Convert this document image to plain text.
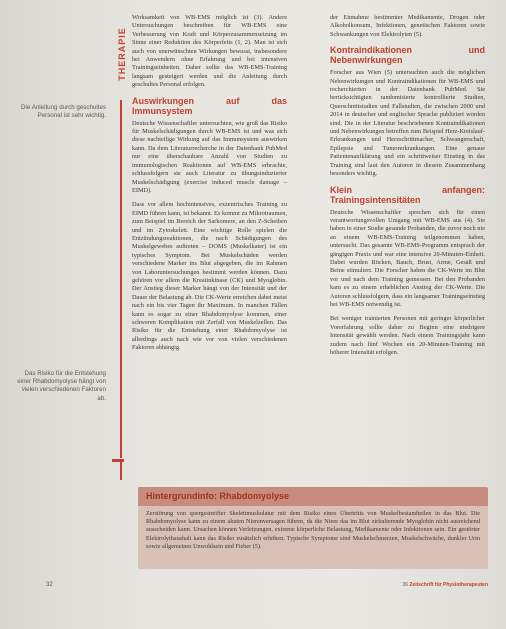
THERAPIE
Die Anleitung durch geschultes Personal ist sehr wichtig.
Das Risiko für die Entstehung einer Rhabdomyolyse hängt von vielen verschiedenen Faktoren ab.

Wirksamkeit von WB-EMS möglich ist (3). Andere Untersuchungen beschreiben für WB-EMS eine Verbesserung von Kraft und Körperzusammensetzung im Sinne einer Reduktion des Körperfetts (1, 2). Man ist sich auch von unerwünschten Wirkungen bewusst, insbesondere bei Anwendern ohne Erfahrung und bei intensiven Trainingseinheiten. Daher sollte das WB-EMS-Training langsam gesteigert werden und die Anleitung durch geschultes Personal erfolgen.

Auswirkungen auf das Immunsystem

Deutsche Wissenschaftler untersuchten, wie groß das Risiko für Muskelschädigungen durch WB-EMS ist und was sich diese nachteilige Wirkung auf das Immunsystem auswirken kann. Da dem Literaturrecherche in der Datenbank PubMed nur eine überschaubare Anzahl von Studien zu immunologischen Reaktionen auf WB-EMS erbrachte, schlussfolgern sie auch Literatur zu übungsinduzierter Muskelschädigung (exercise induced muscle damage – EIMD).

Dass vor allem hochintensives, exzentrisches Training zu EIMD führen kann, ist bekannt. Es kommt zu Mikrotraumen, zum Beispiel im Bereich der Sarkomere, an den Z-Scheiben und im Zytoskelett. Eine wichtige Rolle spielen die Entzündungsreaktionen, die nach Schädigungen des Muskelgewebes auftreten – DOMS (Muskelkater) ist ein typisches Symptom. Bei Muskelschäden werden verschiedene Marker ins Blut abgegeben, die im Rahmen von Laboruntersuchungen bestimmt werden können. Dazu gehören vor allem die Kreatinkinase (CK) und Myoglobin. Der Anstieg dieser Marker hängt von der Intensität und der Dauer der Belastung ab. Die CK-Werte erreichen dabei meist nach ein bis vier Tagen ihr Maximum. In manchen Fällen kann es sogar zu einer Rhabdomyolyse kommen, einer schweren Komplikation mit Zerfall von Muskelzellen. Das Risiko für die Entstehung einer Rhabdomyolyse ist allerdings auch nach wie vor von vielen verschiedenen Faktoren abhängig.

der Einnahme bestimmter Medikamente, Drogen oder Alkoholkonsum, Infektionen, genetischen Faktoren sowie Schwankungen von Elektrolyten (5).

Kontraindikationen und Nebenwirkungen

Forscher aus Wien (5) untersuchten auch die möglichen Nebenwirkungen und Kontraindikationen für WB-EMS und recherchierten in der Datenbank PubMed. Sie berücksichtigten randomisierte kontrollierte Studien, Querschnittstudien und Fallstudien, die zwischen 2000 und 2014 in deutscher und englischer Sprache publiziert worden sind. Die in der Literatur beschriebenen Kontraindikationen und Nebenwirkungen betreffen zum Beispiel Herz-Kreislauf-Erkrankungen und Herzschrittmacher, Schwangerschaft, Epilepsie und Tumorerkrankungen. Eine genaue Patientenaufklärung und ein schrittweiser Einstieg in das Training sind laut den Autoren in diesem Zusammenhang besonders wichtig.

Klein anfangen: Trainingsintensitäten

Deutsche Wissenschaftler sprechen sich für einen verantwortungsvollen Umgang mit WB-EMS aus (4). Sie haben in einer Studie gesunde Probanden, die zuvor noch nie an einem WB-EMS-Training teilgenommen haben, untersucht. Das gesamte WB-EMS-Programm entsprach der gängigen Praxis und war eine intensive 20-Minuten-Einheit. Dabei wurden Rücken, Bauch, Brust, Arme, Gesäß und Beine stimuliert. Die Forscher haben die CK-Werte im Blut vor und nach dem Training gemessen. Bei den Probanden kam es zu einem erheblichen Anstieg der CK-Werte. Die Autoren schlussfolgern, dass ein langsamer Trainingseinstieg bei WB-EMS notwendig ist.

Bei weniger trainierten Personen mit geringer körperlicher Vorerfahrung sollte daher zu Beginn eine niedrigere Intensität gewählt werden. Nach einem Trainingsjahr kann zudem nach fünf Wochen ein 20-Minuten-Training mit höherer Intensität erfolgen.

Hintergrundinfo: Rhabdomyolyse
Zerstörung von quergestreifter Skelettmuskulatur mit dem Risiko eines Übertritts von Muskelbestandteilen in das Blut. Die Rhabdomyolyse kann zu einem akuten Nierenversagen führen, da die Niere das im Blut zirkulierende Myoglobin nicht ausreichend ausscheiden kann. Ursachen können Verletzungen, extreme körperliche Belastung, Medikamente oder Infektionen sein. Ein gestörter Elektrolythaushalt kann das Risiko zusätzlich erhöhen. Typische Symptome sind Muskelschmerzen, Muskelschwäche, dunkler Urin sowie allgemeines Unwohlsein und Fieber (5).
32	36 Zeitschrift für Physiotherapeuten
